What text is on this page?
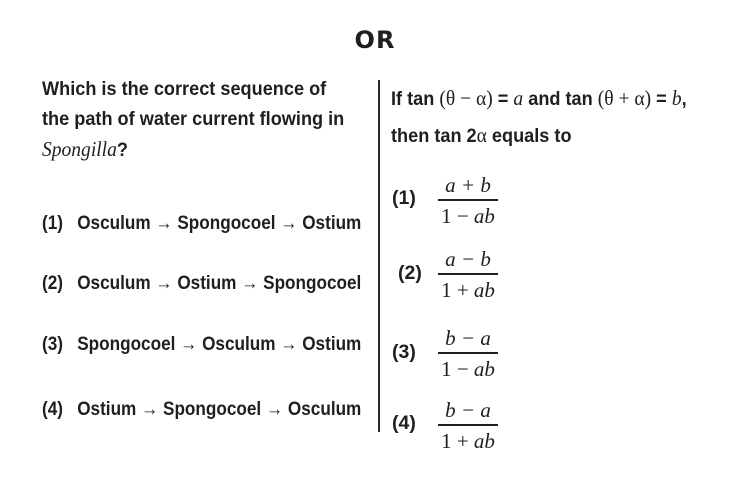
OR
Which is the correct sequence of the path of water current flowing in Spongilla?
(1) Osculum → Spongocoel → Ostium
(2) Osculum → Ostium → Spongocoel
(3) Spongocoel → Osculum → Ostium
(4) Ostium → Spongocoel → Osculum
If tan (θ − α) = a and tan (θ + α) = b,
then tan 2α equals to
(1)
a + b
1 − ab
(2)
a − b
1 + ab
(3)
b − a
1 − ab
(4)
b − a
1 + ab
